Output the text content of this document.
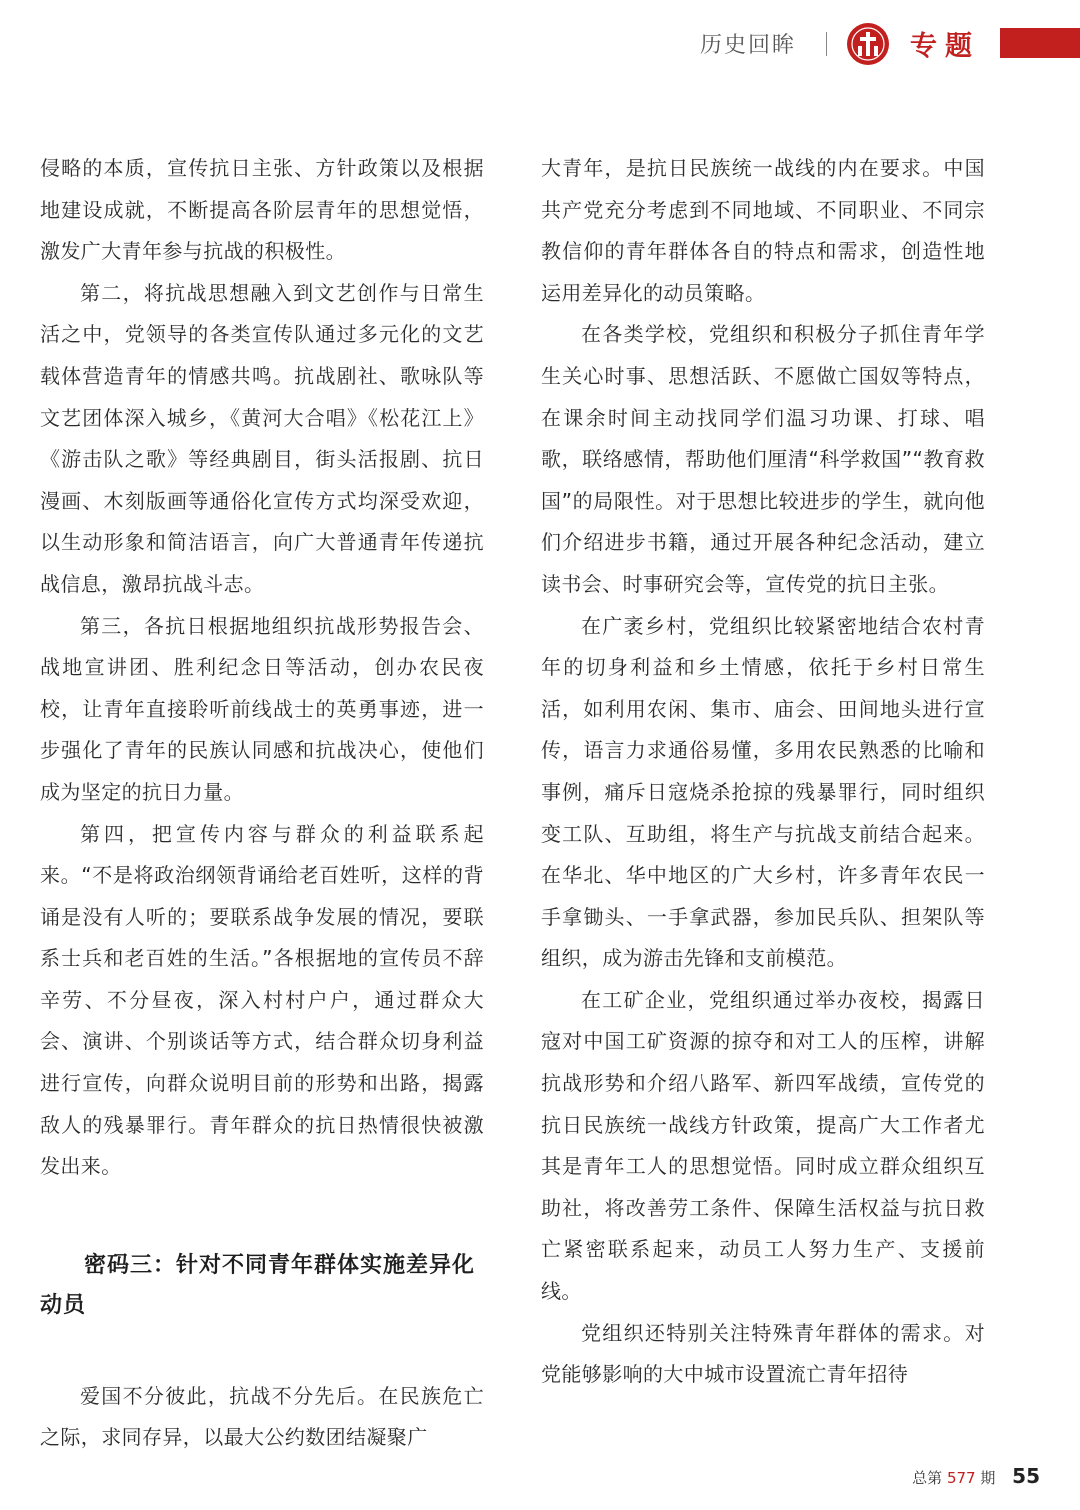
历史回眸	专题

侵略的本质，宣传抗日主张、方针政策以及根据地建设成就，不断提高各阶层青年的思想觉悟，激发广大青年参与抗战的积极性。

第二，将抗战思想融入到文艺创作与日常生活之中，党领导的各类宣传队通过多元化的文艺载体营造青年的情感共鸣。抗战剧社、歌咏队等文艺团体深入城乡，《黄河大合唱》《松花江上》《游击队之歌》等经典剧目，街头活报剧、抗日漫画、木刻版画等通俗化宣传方式均深受欢迎，以生动形象和简洁语言，向广大普通青年传递抗战信息，激昂抗战斗志。

第三，各抗日根据地组织抗战形势报告会、战地宣讲团、胜利纪念日等活动，创办农民夜校，让青年直接聆听前线战士的英勇事迹，进一步强化了青年的民族认同感和抗战决心，使他们成为坚定的抗日力量。

第四，把宣传内容与群众的利益联系起来。“不是将政治纲领背诵给老百姓听，这样的背诵是没有人听的；要联系战争发展的情况，要联系士兵和老百姓的生活。”各根据地的宣传员不辞辛劳、不分昼夜，深入村村户户，通过群众大会、演讲、个别谈话等方式，结合群众切身利益进行宣传，向群众说明目前的形势和出路，揭露敌人的残暴罪行。青年群众的抗日热情很快被激发出来。

密码三：针对不同青年群体实施差异化动员

爱国不分彼此，抗战不分先后。在民族危亡之际，求同存异，以最大公约数团结凝聚广

大青年，是抗日民族统一战线的内在要求。中国共产党充分考虑到不同地域、不同职业、不同宗教信仰的青年群体各自的特点和需求，创造性地运用差异化的动员策略。

在各类学校，党组织和积极分子抓住青年学生关心时事、思想活跃、不愿做亡国奴等特点，在课余时间主动找同学们温习功课、打球、唱歌，联络感情，帮助他们厘清“科学救国”“教育救国”的局限性。对于思想比较进步的学生，就向他们介绍进步书籍，通过开展各种纪念活动，建立读书会、时事研究会等，宣传党的抗日主张。

在广袤乡村，党组织比较紧密地结合农村青年的切身利益和乡土情感，依托于乡村日常生活，如利用农闲、集市、庙会、田间地头进行宣传，语言力求通俗易懂，多用农民熟悉的比喻和事例，痛斥日寇烧杀抢掠的残暴罪行，同时组织变工队、互助组，将生产与抗战支前结合起来。在华北、华中地区的广大乡村，许多青年农民一手拿锄头、一手拿武器，参加民兵队、担架队等组织，成为游击先锋和支前模范。

在工矿企业，党组织通过举办夜校，揭露日寇对中国工矿资源的掠夺和对工人的压榨，讲解抗战形势和介绍八路军、新四军战绩，宣传党的抗日民族统一战线方针政策，提高广大工作者尤其是青年工人的思想觉悟。同时成立群众组织互助社，将改善劳工条件、保障生活权益与抗日救亡紧密联系起来，动员工人努力生产、支援前线。

党组织还特别关注特殊青年群体的需求。对党能够影响的大中城市设置流亡青年招待

总第 577 期 55
